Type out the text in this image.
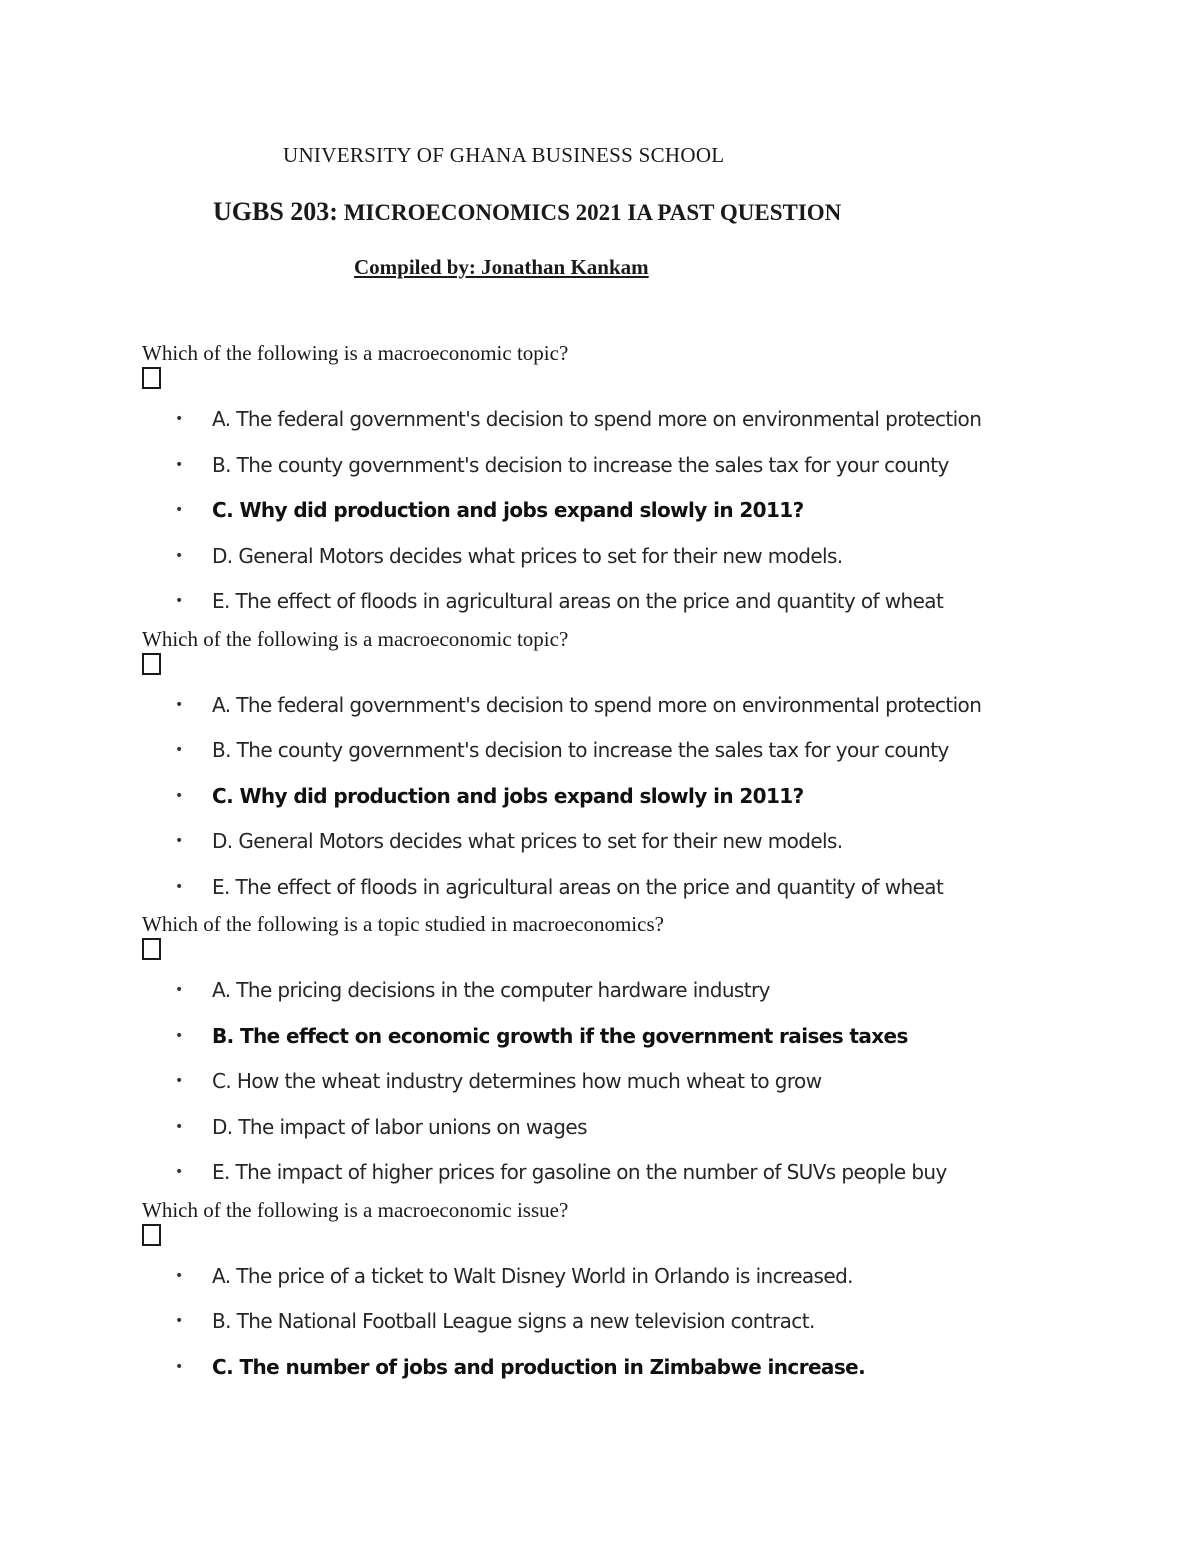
UNIVERSITY OF GHANA BUSINESS SCHOOL
UGBS 203: MICROECONOMICS 2021 IA PAST QUESTION
Compiled by: Jonathan Kankam
Which of the following is a macroeconomic topic?
• A. The federal government's decision to spend more on environmental protection
• B. The county government's decision to increase the sales tax for your county
• C. Why did production and jobs expand slowly in 2011?
• D. General Motors decides what prices to set for their new models.
• E. The effect of floods in agricultural areas on the price and quantity of wheat
Which of the following is a macroeconomic topic?
• A. The federal government's decision to spend more on environmental protection
• B. The county government's decision to increase the sales tax for your county
• C. Why did production and jobs expand slowly in 2011?
• D. General Motors decides what prices to set for their new models.
• E. The effect of floods in agricultural areas on the price and quantity of wheat
Which of the following is a topic studied in macroeconomics?
• A. The pricing decisions in the computer hardware industry
• B. The effect on economic growth if the government raises taxes
• C. How the wheat industry determines how much wheat to grow
• D. The impact of labor unions on wages
• E. The impact of higher prices for gasoline on the number of SUVs people buy
Which of the following is a macroeconomic issue?
• A. The price of a ticket to Walt Disney World in Orlando is increased.
• B. The National Football League signs a new television contract.
• C. The number of jobs and production in Zimbabwe increase.
